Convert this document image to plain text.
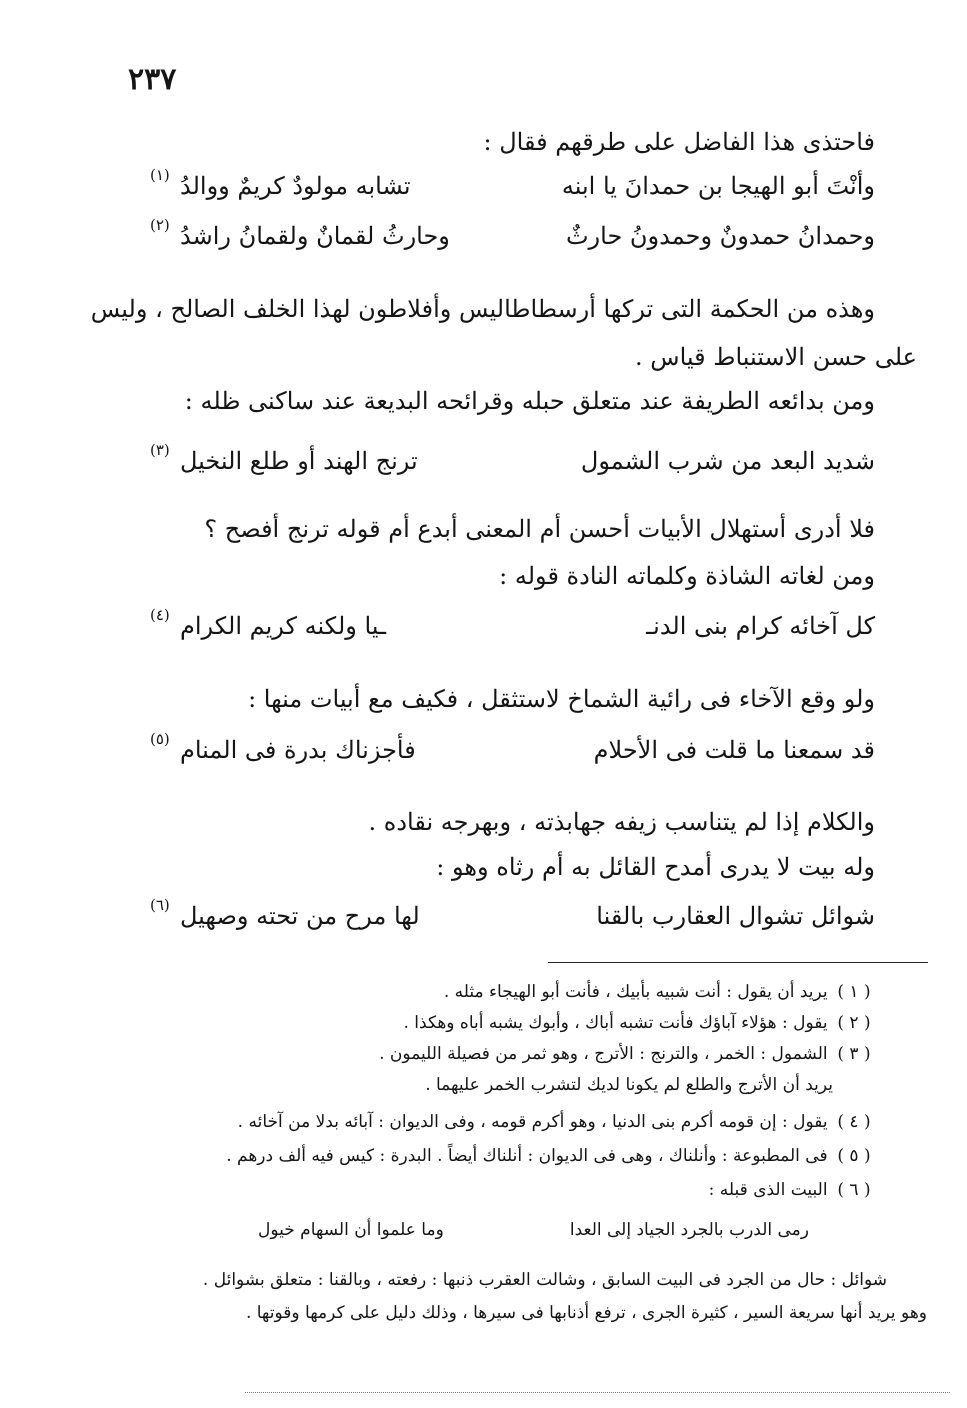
٢٣٧
فاحتذى هذا الفاضل على طرقهم فقال :
وأنْتَ أبو الهيجا بن حمدانَ يا ابنه
تشابه مولودٌ كريمٌ ووالدُ
(١)
وحمدانُ حمدونٌ وحمدونُ حارثٌ
وحارثُ لقمانٌ ولقمانُ راشدُ
(٢)
وهذه من الحكمة التى تركها أرسطاطاليس وأفلاطون لهذا الخلف الصالح ، وليس
على حسن الاستنباط قياس .
ومن بدائعه الطريفة عند متعلق حبله وقرائحه البديعة عند ساكنى ظله :
شديد البعد من شرب الشمول
ترنج الهند أو طلع النخيل
(٣)
فلا أدرى أستهلال الأبيات أحسن أم المعنى أبدع أم قوله ترنج أفصح ؟
ومن لغاته الشاذة وكلماته النادة قوله :
كل آخائه كرام بنى الدنـ
ـيا ولكنه كريم الكرام
(٤)
ولو وقع الآخاء فى رائية الشماخ لاستثقل ، فكيف مع أبيات منها :
قد سمعنا ما قلت فى الأحلام
فأجزناك بدرة فى المنام
(٥)
والكلام إذا لم يتناسب زيفه جهابذته ، وبهرجه نقاده .
وله بيت لا يدرى أمدح القائل به أم رثاه وهو :
شوائل تشوال العقارب بالقنا
لها مرح من تحته وصهيل
(٦)
( ١ ) يريد أن يقول : أنت شبيه بأبيك ، فأنت أبو الهيجاء مثله .
( ٢ ) يقول : هؤلاء آباؤك فأنت تشبه أباك ، وأبوك يشبه أباه وهكذا .
( ٣ ) الشمول : الخمر ، والترنج : الأترج ، وهو ثمر من فصيلة الليمون .
يريد أن الأترج والطلع لم يكونا لديك لتشرب الخمر عليهما .
( ٤ ) يقول : إن قومه أكرم بنى الدنيا ، وهو أكرم قومه ، وفى الديوان : آبائه بدلا من آخائه .
( ٥ ) فى المطبوعة : وأنلناك ، وهى فى الديوان : أنلناك أيضاً . البدرة : كيس فيه ألف درهم .
( ٦ ) البيت الذى قبله :
رمى الدرب بالجرد الجياد إلى العدا
وما علموا أن السهام خيول
شوائل : حال من الجرد فى البيت السابق ، وشالت العقرب ذنبها : رفعته ، وبالقنا : متعلق بشوائل .
وهو يريد أنها سريعة السير ، كثيرة الجرى ، ترفع أذنابها فى سيرها ، وذلك دليل على كرمها وقوتها .
